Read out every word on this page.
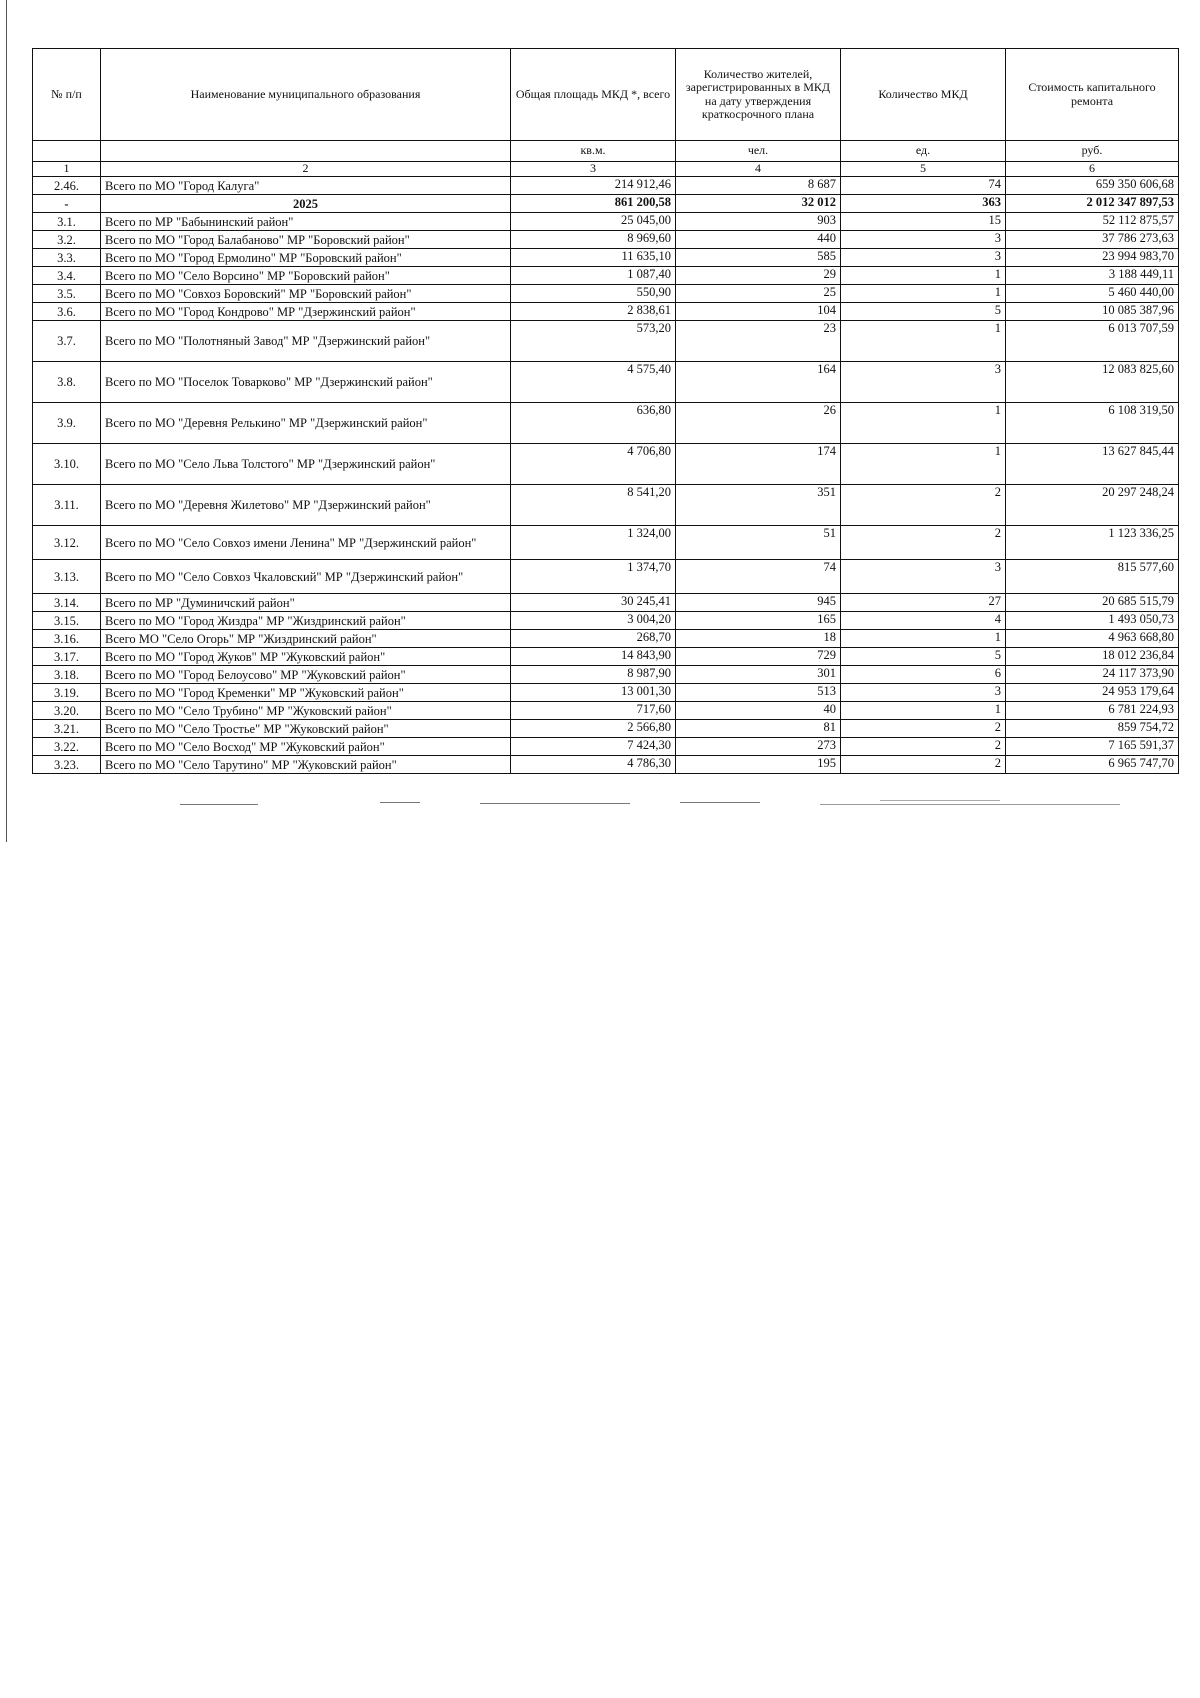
№ п/п	Наименование муниципального образования	Общая площадь МКД *, всего	Количество жителей, зарегистрированных в МКД на дату утверждения краткосрочного плана	Количество МКД	Стоимость капитального ремонта
		кв.м.	чел.	ед.	руб.
1	2	3	4	5	6
2.46.	Всего по МО "Город Калуга"	214 912,46	8 687	74	659 350 606,68
-	2025	861 200,58	32 012	363	2 012 347 897,53
3.1.	Всего по МР "Бабынинский район"	25 045,00	903	15	52 112 875,57
3.2.	Всего по МО "Город Балабаново" МР "Боровский район"	8 969,60	440	3	37 786 273,63
3.3.	Всего по МО "Город Ермолино" МР "Боровский район"	11 635,10	585	3	23 994 983,70
3.4.	Всего по МО "Село Ворсино" МР "Боровский район"	1 087,40	29	1	3 188 449,11
3.5.	Всего по МО "Совхоз Боровский" МР "Боровский район"	550,90	25	1	5 460 440,00
3.6.	Всего по МО "Город Кондрово" МР "Дзержинский район"	2 838,61	104	5	10 085 387,96
3.7.	Всего по МО "Полотняный Завод" МР "Дзержинский район"	573,20	23	1	6 013 707,59
3.8.	Всего по МО "Поселок Товарково" МР "Дзержинский район"	4 575,40	164	3	12 083 825,60
3.9.	Всего по МО "Деревня Релькино" МР "Дзержинский район"	636,80	26	1	6 108 319,50
3.10.	Всего по МО "Село Льва Толстого" МР "Дзержинский район"	4 706,80	174	1	13 627 845,44
3.11.	Всего по МО "Деревня Жилетово" МР "Дзержинский район"	8 541,20	351	2	20 297 248,24
3.12.	Всего по МО "Село Совхоз имени Ленина" МР "Дзержинский район"	1 324,00	51	2	1 123 336,25
3.13.	Всего по МО "Село Совхоз Чкаловский" МР "Дзержинский район"	1 374,70	74	3	815 577,60
3.14.	Всего по МР "Думиничский район"	30 245,41	945	27	20 685 515,79
3.15.	Всего по МО "Город Жиздра" МР "Жиздринский район"	3 004,20	165	4	1 493 050,73
3.16.	Всего МО "Село Огорь" МР "Жиздринский район"	268,70	18	1	4 963 668,80
3.17.	Всего по МО "Город Жуков" МР "Жуковский район"	14 843,90	729	5	18 012 236,84
3.18.	Всего по МО "Город Белоусово" МР "Жуковский район"	8 987,90	301	6	24 117 373,90
3.19.	Всего по МО "Город Кременки" МР "Жуковский район"	13 001,30	513	3	24 953 179,64
3.20.	Всего по МО "Село Трубино" МР "Жуковский район"	717,60	40	1	6 781 224,93
3.21.	Всего по МО "Село Тростье" МР "Жуковский район"	2 566,80	81	2	859 754,72
3.22.	Всего по МО "Село Восход" МР "Жуковский район"	7 424,30	273	2	7 165 591,37
3.23.	Всего по МО "Село Тарутино" МР "Жуковский район"	4 786,30	195	2	6 965 747,70
